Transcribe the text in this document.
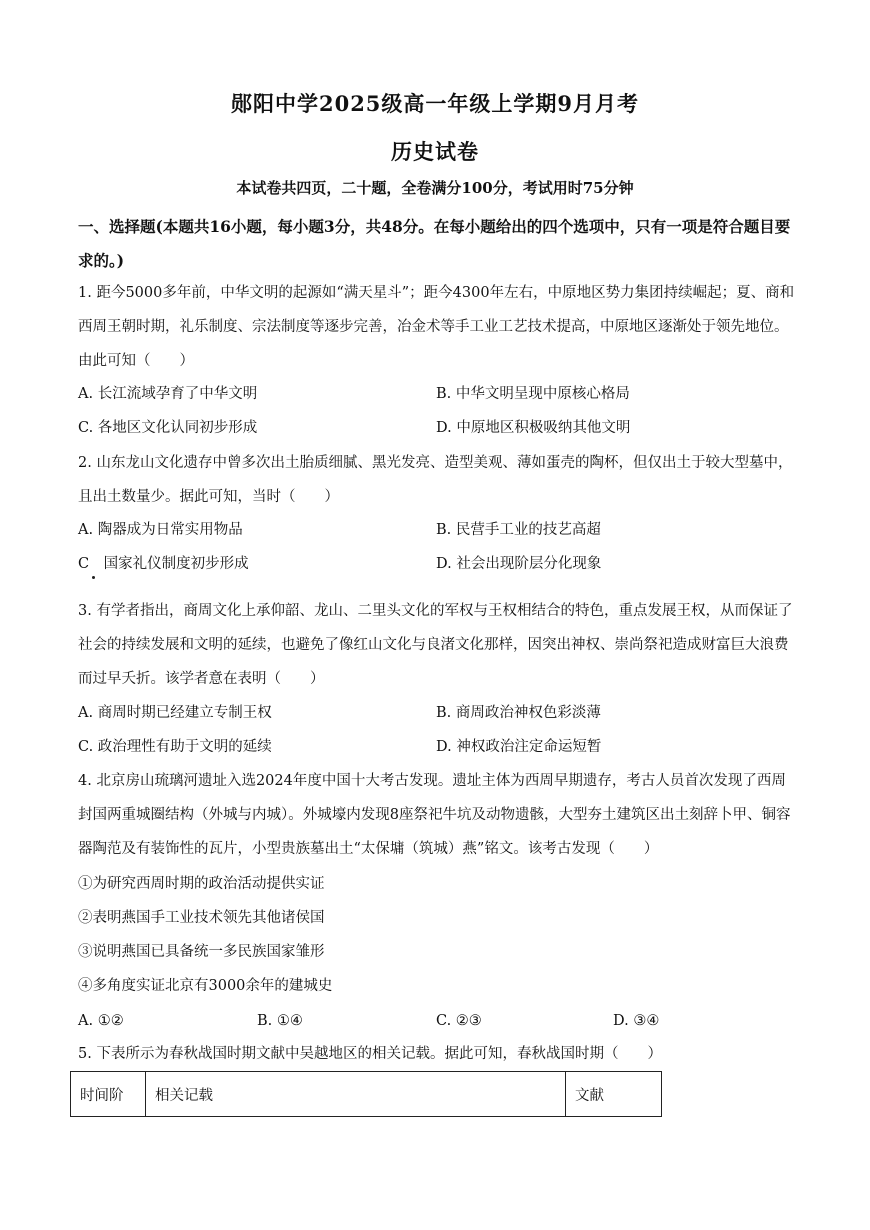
郧阳中学2025级高一年级上学期9月月考
历史试卷
本试卷共四页，二十题，全卷满分100分，考试用时75分钟
一、选择题(本题共16小题，每小题3分，共48分。在每小题给出的四个选项中，只有一项是符合题目要求的。)
1. 距今5000多年前，中华文明的起源如“满天星斗”；距今4300年左右，中原地区势力集团持续崛起；夏、商和西周王朝时期，礼乐制度、宗法制度等逐步完善，冶金术等手工业工艺技术提高，中原地区逐渐处于领先地位。由此可知（　　）
A. 长江流域孕育了中华文明	B. 中华文明呈现中原核心格局
C. 各地区文化认同初步形成	D. 中原地区积极吸纳其他文明
2. 山东龙山文化遗存中曾多次出土胎质细腻、黑光发亮、造型美观、薄如蛋壳的陶杯，但仅出土于较大型墓中，且出土数量少。据此可知，当时（　　）
A. 陶器成为日常实用物品	B. 民营手工业的技艺高超
C　国家礼仪制度初步形成	D. 社会出现阶层分化现象
3. 有学者指出，商周文化上承仰韶、龙山、二里头文化的军权与王权相结合的特色，重点发展王权，从而保证了社会的持续发展和文明的延续，也避免了像红山文化与良渚文化那样，因突出神权、崇尚祭祀造成财富巨大浪费而过早夭折。该学者意在表明（　　）
A. 商周时期已经建立专制王权	B. 商周政治神权色彩淡薄
C. 政治理性有助于文明的延续	D. 神权政治注定命运短暂
4. 北京房山琉璃河遗址入选2024年度中国十大考古发现。遗址主体为西周早期遗存，考古人员首次发现了西周封国两重城圈结构（外城与内城）。外城壕内发现8座祭祀牛坑及动物遗骸，大型夯土建筑区出土刻辞卜甲、铜容器陶范及有装饰性的瓦片，小型贵族墓出土“太保墉（筑城）燕”铭文。该考古发现（　　）
①为研究西周时期的政治活动提供实证
②表明燕国手工业技术领先其他诸侯国
③说明燕国已具备统一多民族国家雏形
④多角度实证北京有3000余年的建城史
A. ①②	B. ①④	C. ②③	D. ③④
5. 下表所示为春秋战国时期文献中吴越地区的相关记载。据此可知，春秋战国时期（　　）
时间阶	相关记载	文献
